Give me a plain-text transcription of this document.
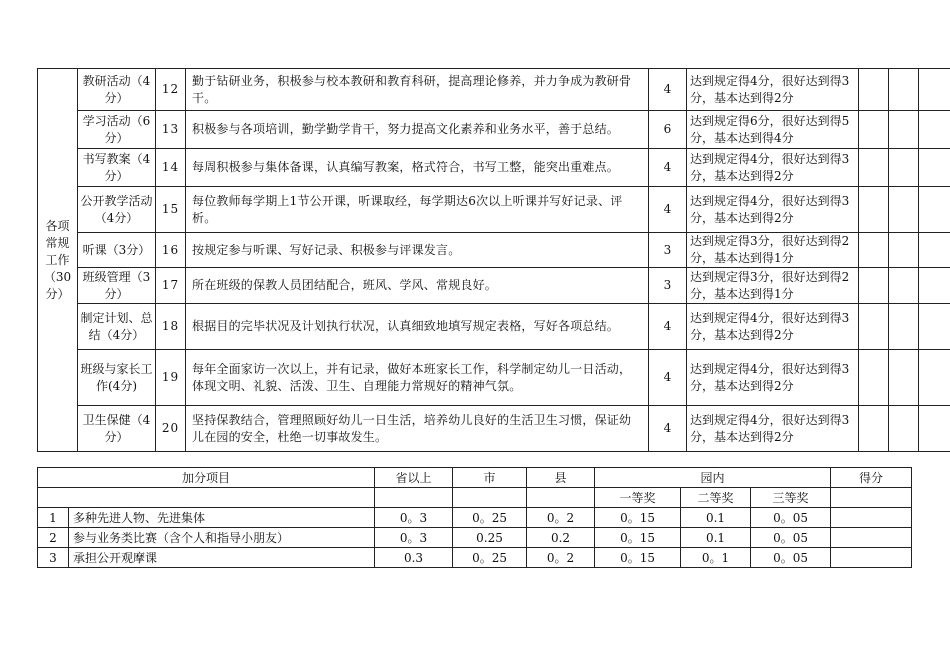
各项常规工作（30分）	教研活动（4分）	12	勤于钻研业务，积极参与校本教研和教育科研，提高理论修养，并力争成为教研骨干。	4	达到规定得4分，很好达到得3分，基本达到得2分			
	学习活动（6分）	13	积极参与各项培训，勤学勤学肯干，努力提高文化素养和业务水平，善于总结。	6	达到规定得6分，很好达到得5分，基本达到得4分			
	书写教案（4分）	14	每周积极参与集体备课，认真编写教案，格式符合，书写工整，能突出重难点。	4	达到规定得4分，很好达到得3分，基本达到得2分			
	公开教学活动（4分）	15	每位教师每学期上1节公开课，听课取经，每学期达6次以上听课并写好记录、评析。	4	达到规定得4分，很好达到得3分，基本达到得2分			
	听课（3分）	16	按规定参与听课、写好记录、积极参与评课发言。	3	达到规定得3分，很好达到得2分，基本达到得1分			
	班级管理（3分）	17	所在班级的保教人员团结配合，班风、学风、常规良好。	3	达到规定得3分，很好达到得2分，基本达到得1分			
	制定计划、总结（4分）	18	根据目的完毕状况及计划执行状况，认真细致地填写规定表格，写好各项总结。	4	达到规定得4分，很好达到得3分，基本达到得2分			
	班级与家长工作(4分)	19	每年全面家访一次以上，并有记录，做好本班家长工作，科学制定幼儿一日活动，体现文明、礼貌、活泼、卫生、自理能力常规好的精神气氛。	4	达到规定得4分，很好达到得3分，基本达到得2分			
	卫生保健（4分）	20	坚持保教结合，管理照顾好幼儿一日生活，培养幼儿良好的生活卫生习惯，保证幼儿在园的安全，杜绝一切事故发生。	4	达到规定得4分，很好达到得3分，基本达到得2分			
加分项目		省以上	市	县	园内			得分
					一等奖	二等奖	三等奖	
1	多种先进人物、先进集体	0。3	0。25	0。2	0。15	0.1	0。05	
2	参与业务类比赛（含个人和指导小朋友）	0。3	0.25	0.2	0。15	0.1	0。05	
3	承担公开观摩课	0.3	0。25	0。2	0。15	0。1	0。05	
